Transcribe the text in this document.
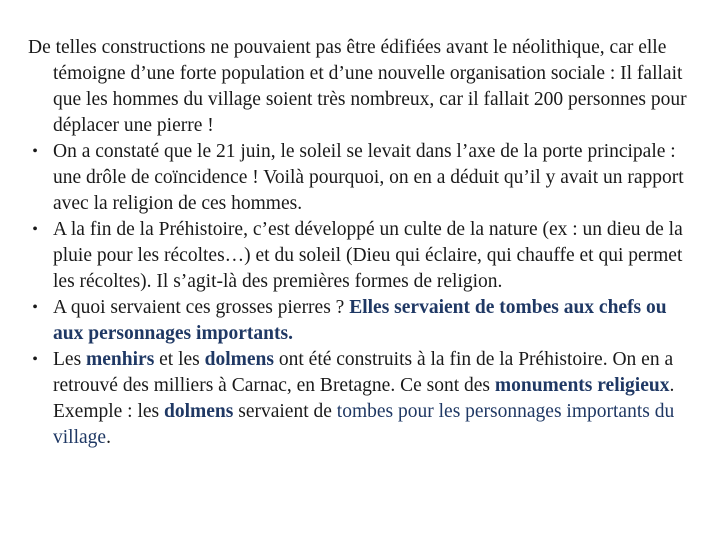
De telles constructions ne pouvaient pas être édifiées avant le néolithique, car elle témoigne d’une forte population et d’une nouvelle organisation sociale : Il fallait que les hommes du village soient très nombreux, car il fallait 200 personnes pour déplacer une pierre !

• On a constaté que le 21 juin, le soleil se levait dans l’axe de la porte principale : une drôle de coïncidence ! Voilà pourquoi, on en a déduit qu’il y avait un rapport avec la religion de ces hommes.
• A la fin de la Préhistoire, c’est développé un culte de la nature (ex : un dieu de la pluie pour les récoltes…) et du soleil (Dieu qui éclaire, qui chauffe et qui permet les récoltes). Il s’agit-là des premières formes de religion.
• A quoi servaient ces grosses pierres ? Elles servaient de tombes aux chefs ou aux personnages importants.
• Les menhirs et les dolmens ont été construits à la fin de la Préhistoire. On en a retrouvé des milliers à Carnac, en Bretagne. Ce sont des monuments religieux. Exemple : les dolmens servaient de tombes pour les personnages importants du village.
